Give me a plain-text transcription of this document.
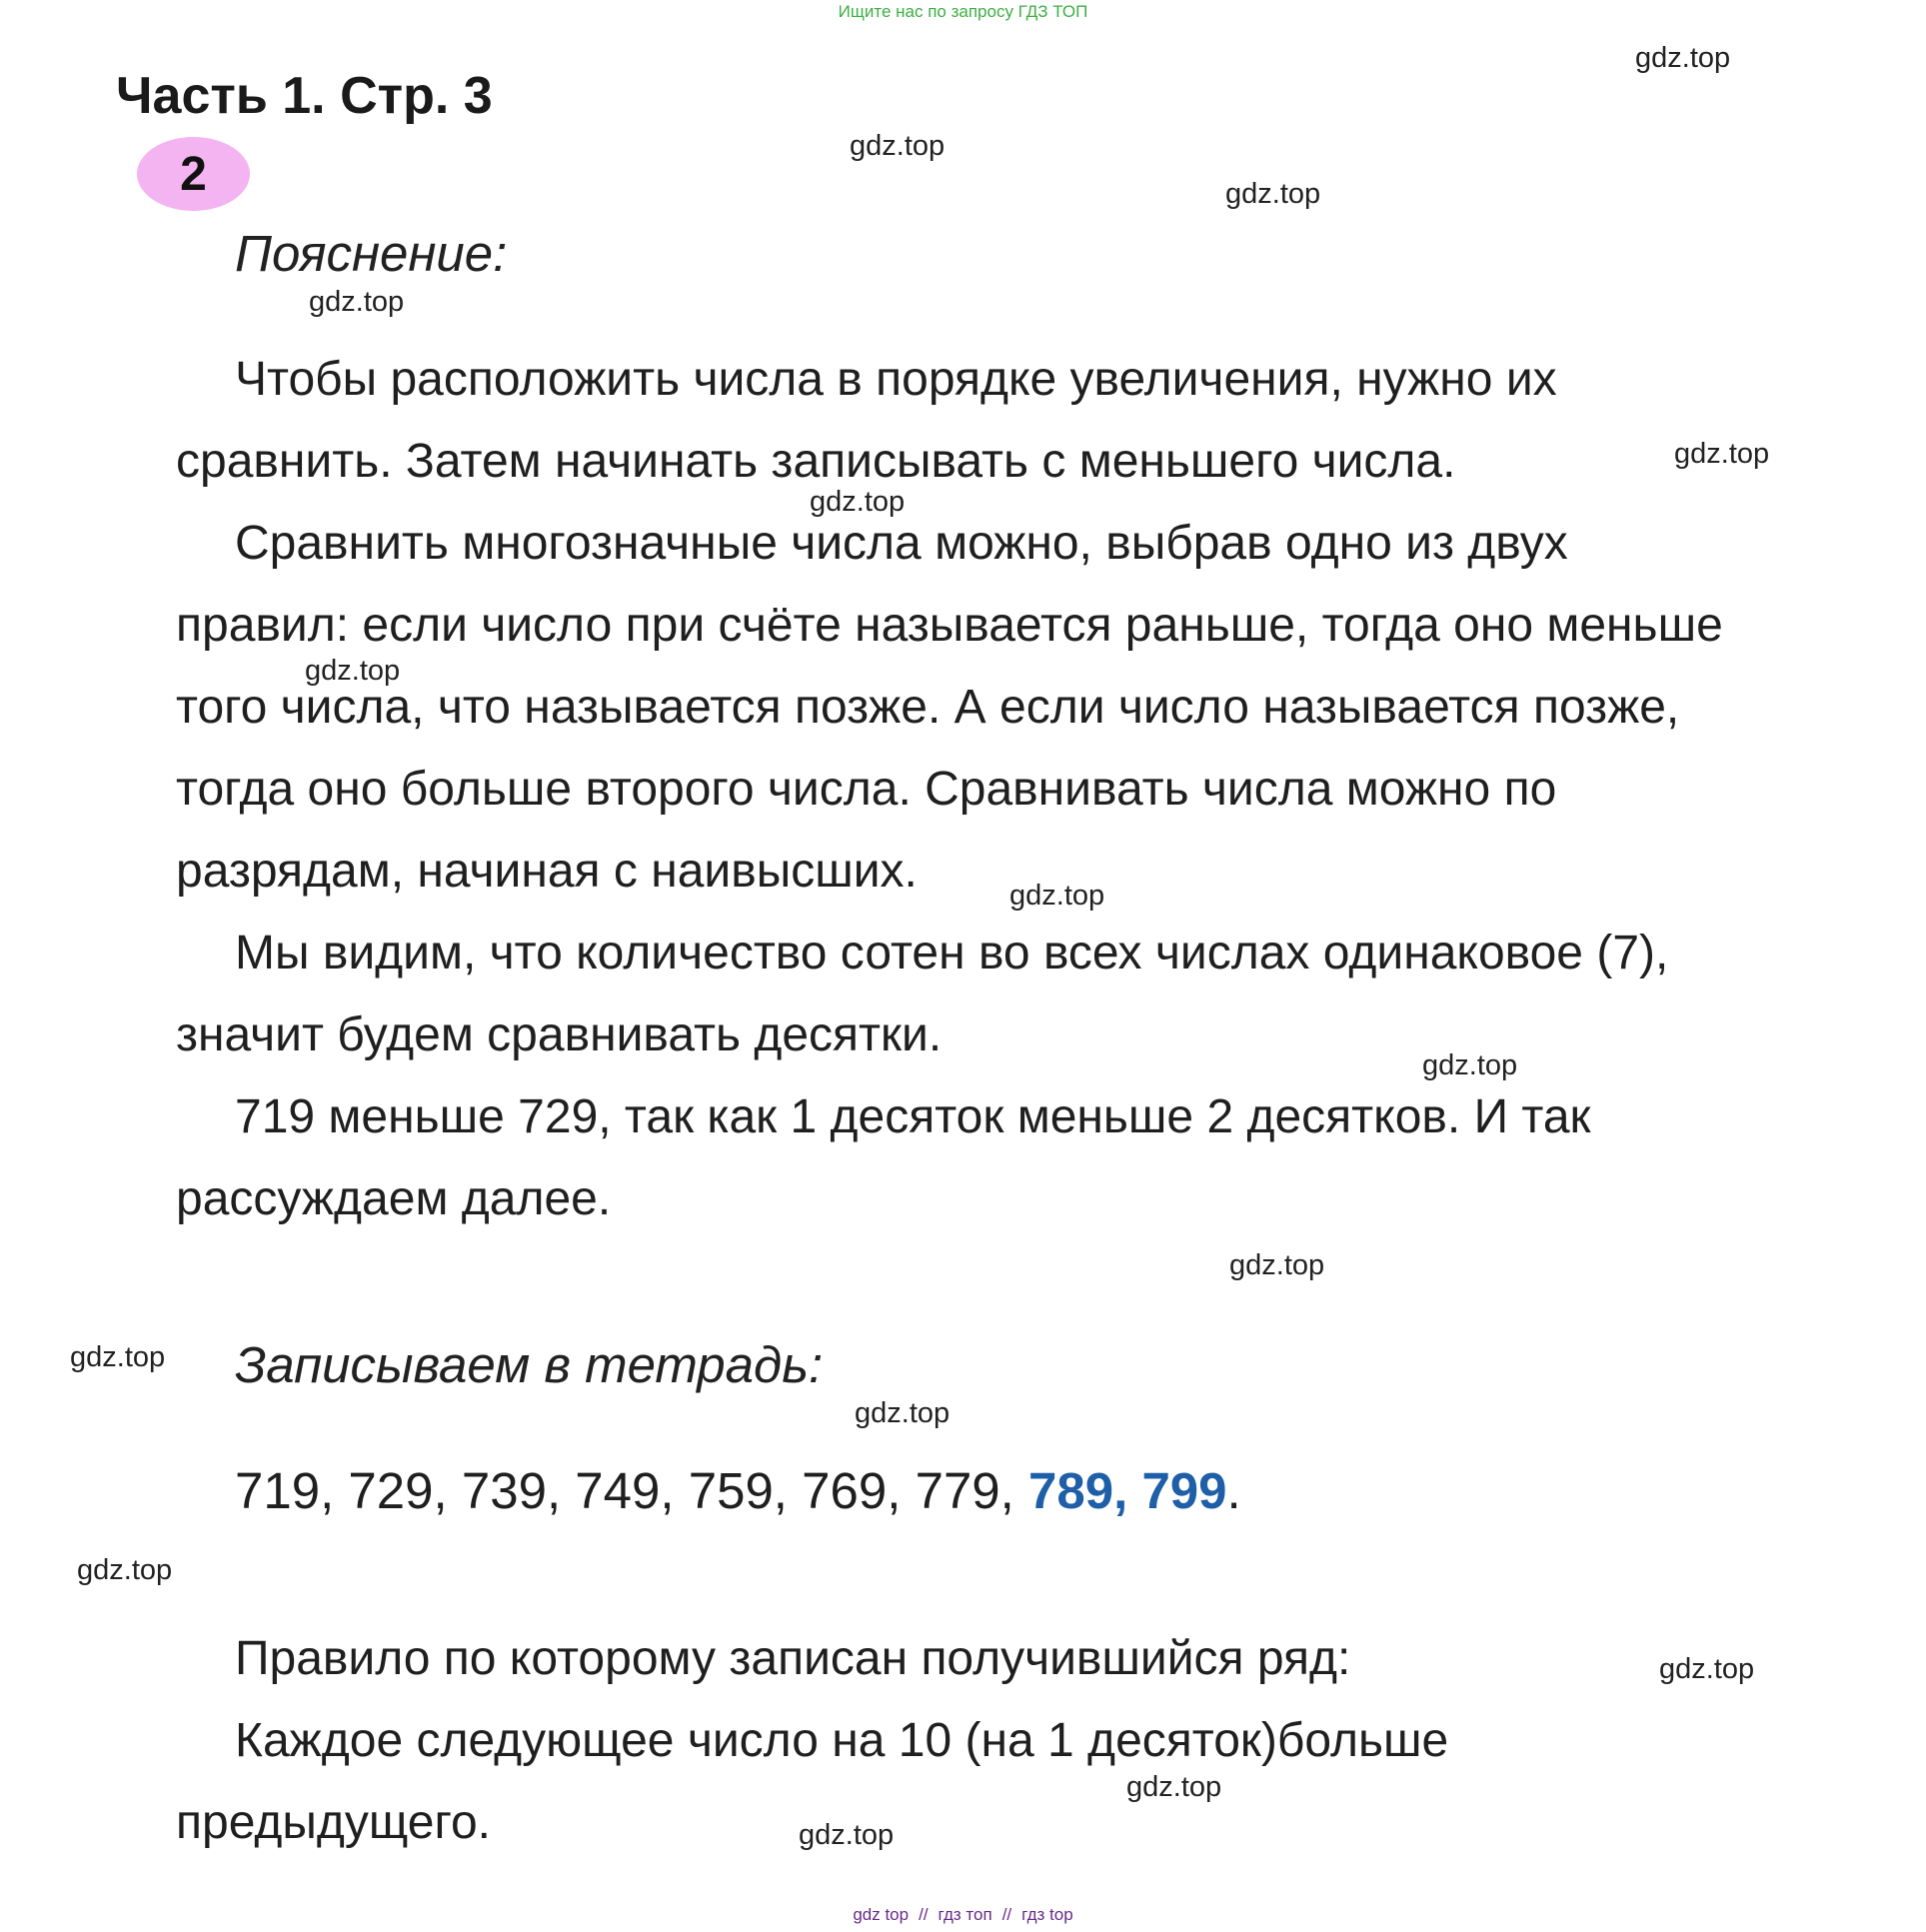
Ищите нас по запросу ГДЗ ТОП
Часть 1. Стр. 3
2
Пояснение:
Чтобы расположить числа в порядке увеличения, нужно их
сравнить. Затем начинать записывать с меньшего числа.
Сравнить многозначные числа можно, выбрав одно из двух
правил: если число при счёте называется раньше, тогда оно меньше
того числа, что называется позже. А если число называется позже,
тогда оно больше второго числа. Сравнивать числа можно по
разрядам, начиная с наивысших.
Мы видим, что количество сотен во всех числах одинаковое (7),
значит будем сравнивать десятки.
719 меньше 729, так как 1 десяток меньше 2 десятков. И так
рассуждаем далее.
Записываем в тетрадь:
719, 729, 739, 749, 759, 769, 779, 789, 799.
Правило по которому записан получившийся ряд:
Каждое следующее число на 10 (на 1 десяток)больше
предыдущего.
gdz.top
gdz.top
gdz.top
gdz.top
gdz.top
gdz.top
gdz.top
gdz.top
gdz.top
gdz.top
gdz.top
gdz.top
gdz.top
gdz.top
gdz.top
gdz.top
gdz top // гдз топ // гдз top
